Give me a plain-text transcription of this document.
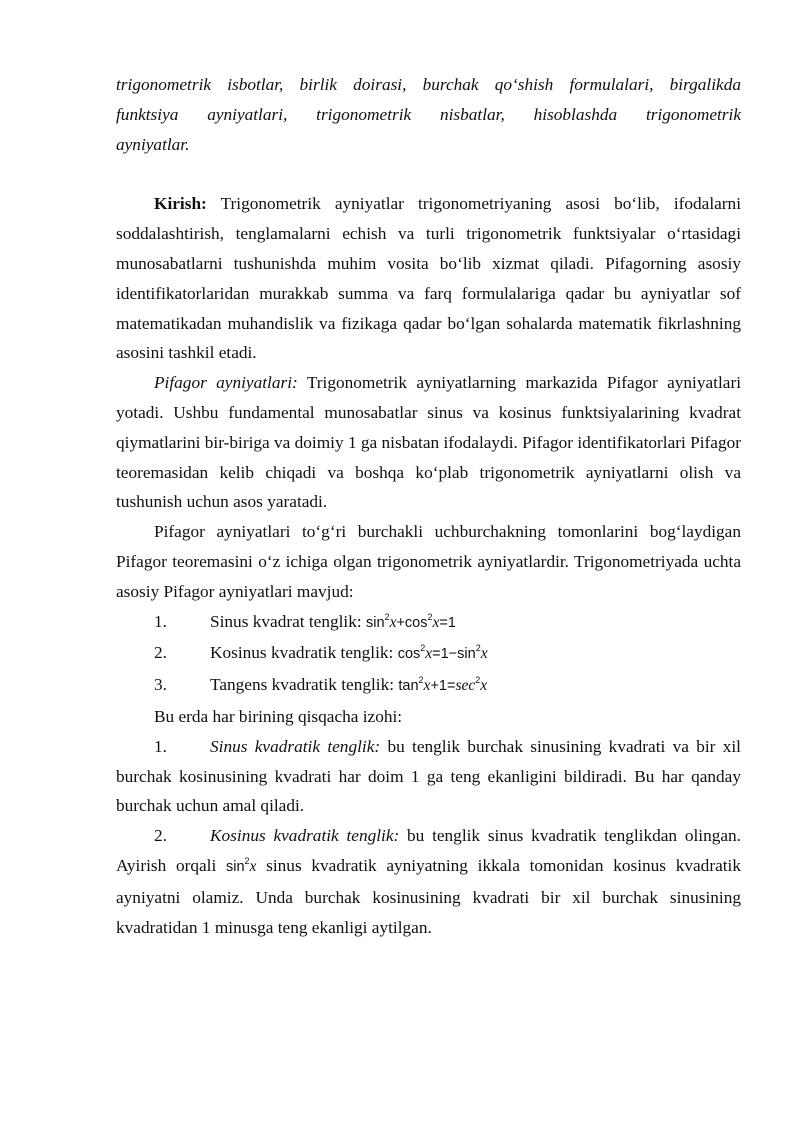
trigonometrik isbotlar, birlik doirasi, burchak qoʻshish formulalari, birgalikda

funktsiya ayniyatlari, trigonometrik nisbatlar, hisoblashda trigonometrik

ayniyatlar.

Kirish: Trigonometrik ayniyatlar trigonometriyaning asosi boʻlib, ifodalarni soddalashtirish, tenglamalarni echish va turli trigonometrik funktsiyalar oʻrtasidagi munosabatlarni tushunishda muhim vosita boʻlib xizmat qiladi. Pifagorning asosiy identifikatorlaridan murakkab summa va farq formulalariga qadar bu ayniyatlar sof matematikadan muhandislik va fizikaga qadar boʻlgan sohalarda matematik fikrlashning asosini tashkil etadi.

Pifagor ayniyatlari: Trigonometrik ayniyatlarning markazida Pifagor ayniyatlari yotadi. Ushbu fundamental munosabatlar sinus va kosinus funktsiyalarining kvadrat qiymatlarini bir-biriga va doimiy 1 ga nisbatan ifodalaydi. Pifagor identifikatorlari Pifagor teoremasidan kelib chiqadi va boshqa koʻplab trigonometrik ayniyatlarni olish va tushunish uchun asos yaratadi.

Pifagor ayniyatlari toʻgʻri burchakli uchburchakning tomonlarini bogʻlaydigan Pifagor teoremasini oʻz ichiga olgan trigonometrik ayniyatlardir. Trigonometriyada uchta asosiy Pifagor ayniyatlari mavjud:

1. Sinus kvadrat tenglik: $\sin^2x+\cos^2x=1$

2. Kosinus kvadratik tenglik: $\cos^2x=1-\sin^2x$

3. Tangens kvadratik tenglik: $\tan^2x+1=\sec^2x$

Bu erda har birining qisqacha izohi:

1. Sinus kvadratik tenglik: bu tenglik burchak sinusining kvadrati va bir xil burchak kosinusining kvadrati har doim 1 ga teng ekanligini bildiradi. Bu har qanday burchak uchun amal qiladi.

2. Kosinus kvadratik tenglik: bu tenglik sinus kvadratik tenglikdan olingan. Ayirish orqali $\sin^2x$ sinus kvadratik ayniyatning ikkala tomonidan kosinus kvadratik ayniyatni olamiz. Unda burchak kosinusining kvadrati bir xil burchak sinusining kvadratidan 1 minusga teng ekanligi aytilgan.
